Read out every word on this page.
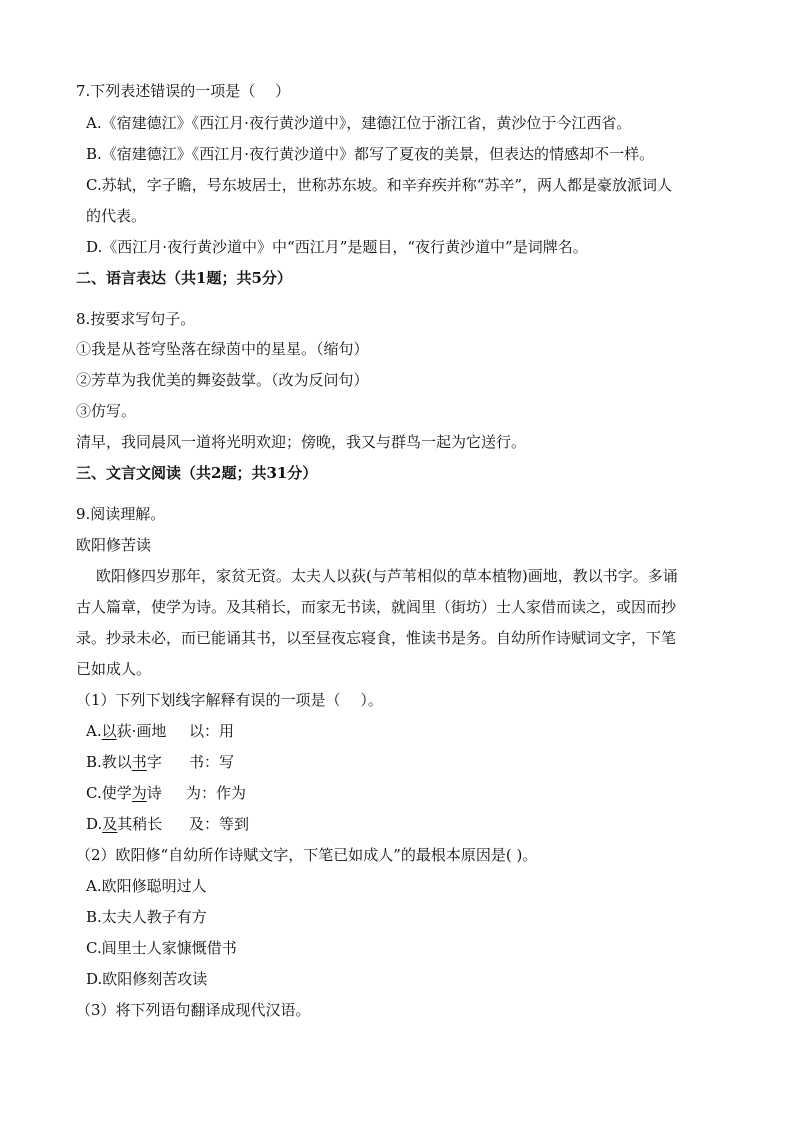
7.下列表述错误的一项是（　 ）
A.《宿建德江》《西江月·夜行黄沙道中》，建德江位于浙江省，黄沙位于今江西省。
B.《宿建德江》《西江月·夜行黄沙道中》都写了夏夜的美景，但表达的情感却不一样。
C.苏轼，字子瞻，号东坡居士，世称苏东坡。和辛弃疾并称“苏辛”，两人都是豪放派词人
的代表。
D.《西江月·夜行黄沙道中》中“西江月”是题目，“夜行黄沙道中”是词牌名。
二、语言表达（共1题；共5分）
8.按要求写句子。
①我是从苍穹坠落在绿茵中的星星。（缩句）
②芳草为我优美的舞姿鼓掌。（改为反问句）
③仿写。
清早，我同晨风一道将光明欢迎；傍晚，我又与群鸟一起为它送行。
三、文言文阅读（共2题；共31分）
9.阅读理解。
欧阳修苦读
欧阳修四岁那年，家贫无资。太夫人以荻(与芦苇相似的草本植物)画地，教以书字。多诵
古人篇章，使学为诗。及其稍长，而家无书读，就闾里（街坊）士人家借而读之，或因而抄
录。抄录未必，而已能诵其书，以至昼夜忘寝食，惟读书是务。自幼所作诗赋词文字，下笔
已如成人。
（1）下列下划线字解释有误的一项是（　 ）。
A.以荻·画地 以：用
B.教以书字 书：写
C.使学为诗 为：作为
D.及其稍长 及：等到
（2）欧阳修“自幼所作诗赋文字，下笔已如成人”的最根本原因是( )。
A.欧阳修聪明过人
B.太夫人教子有方
C.闾里士人家慷慨借书
D.欧阳修刻苦攻读
（3）将下列语句翻译成现代汉语。
